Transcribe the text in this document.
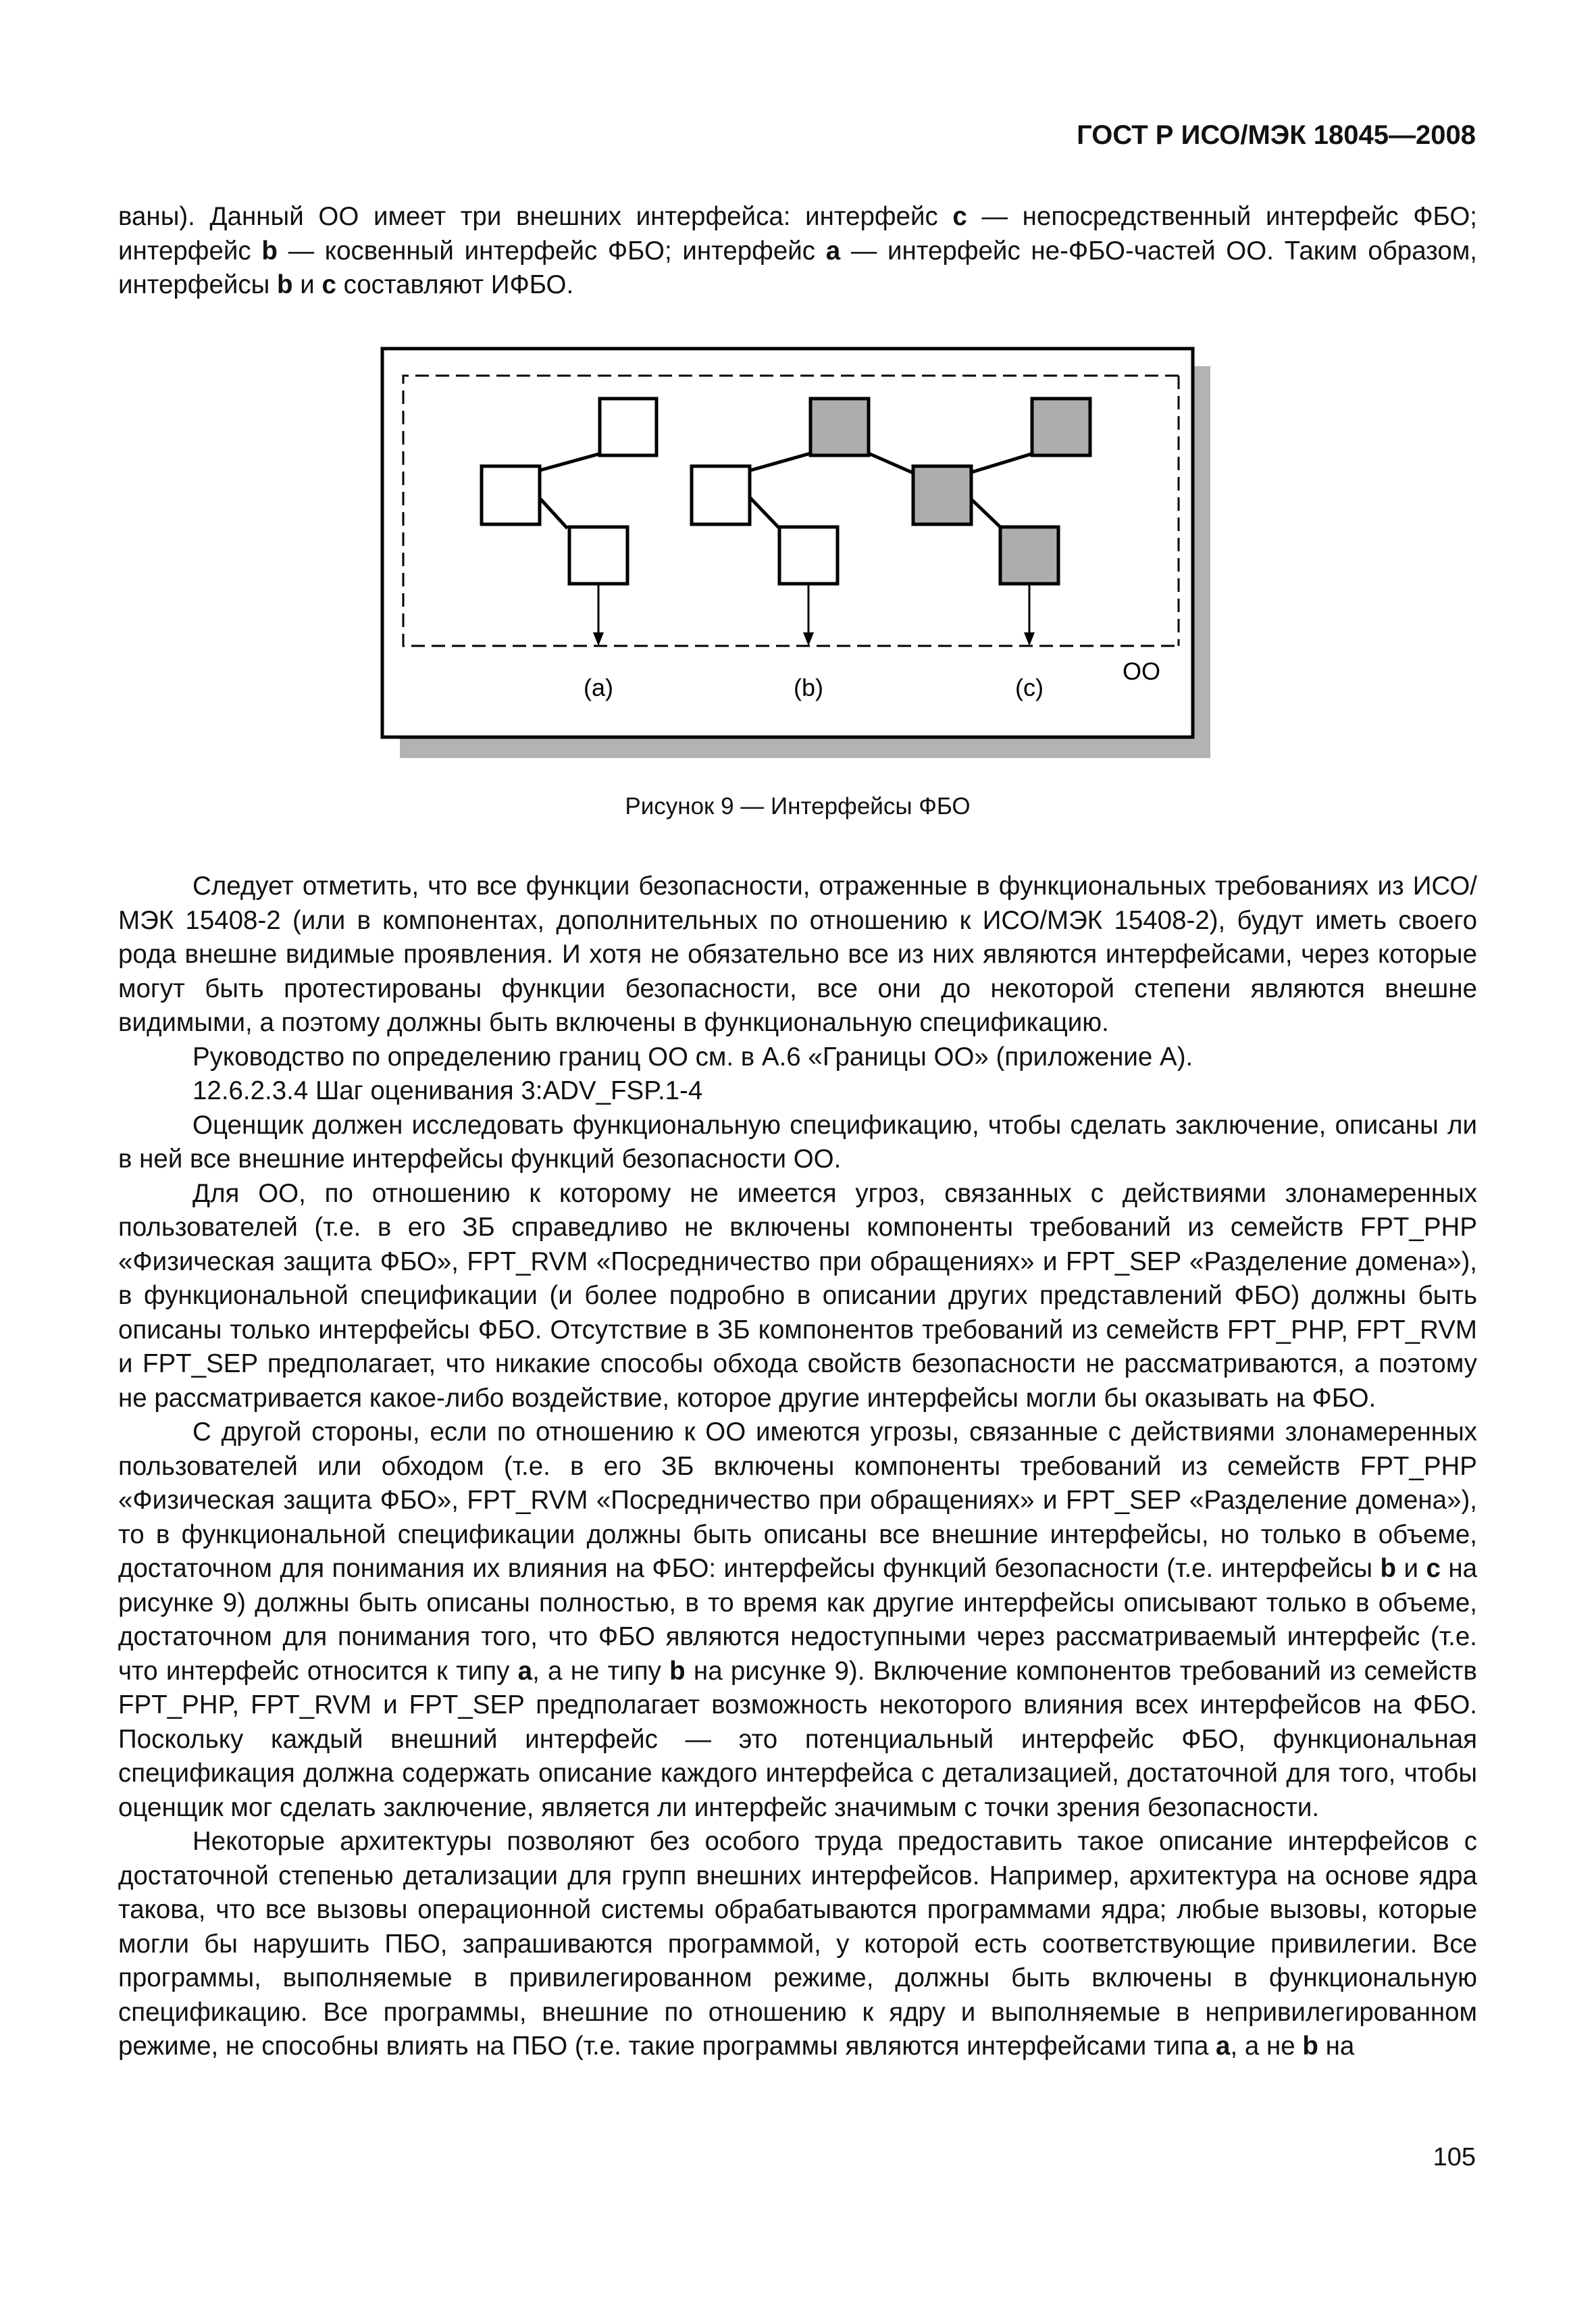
ГОСТ Р ИСО/МЭК 18045—2008

ваны). Данный ОО имеет три внешних интерфейса: интерфейс c — непосредственный интерфейс ФБО; интерфейс b — косвенный интерфейс ФБО; интерфейс a — интерфейс не-ФБО-частей ОО. Таким образом, интерфейсы b и c составляют ИФБО.

(a)	(b)	(c)
ОО
Рисунок 9 — Интерфейсы ФБО

Следует отметить, что все функции безопасности, отраженные в функциональных требованиях из ИСО/МЭК 15408-2 (или в компонентах, дополнительных по отношению к ИСО/МЭК 15408-2), будут иметь своего рода внешне видимые проявления. И хотя не обязательно все из них являются интерфейсами, через которые могут быть протестированы функции безопасности, все они до некоторой степени являются внешне видимыми, а поэтому должны быть включены в функциональную спецификацию.

Руководство по определению границ ОО см. в А.6 «Границы ОО» (приложение А).

12.6.2.3.4 Шаг оценивания 3:ADV_FSP.1-4

Оценщик должен исследовать функциональную спецификацию, чтобы сделать заключение, описаны ли в ней все внешние интерфейсы функций безопасности ОО.

Для ОО, по отношению к которому не имеется угроз, связанных с действиями злонамеренных пользователей (т.е. в его ЗБ справедливо не включены компоненты требований из семейств FPT_PHP «Физическая защита ФБО», FPT_RVM «Посредничество при обращениях» и FPT_SEP «Разделение домена»), в функциональной спецификации (и более подробно в описании других представлений ФБО) должны быть описаны только интерфейсы ФБО. Отсутствие в ЗБ компонентов требований из семейств FPT_PHP, FPT_RVM и FPT_SEP предполагает, что никакие способы обхода свойств безопасности не рассматриваются, а поэтому не рассматривается какое-либо воздействие, которое другие интерфейсы могли бы оказывать на ФБО.

С другой стороны, если по отношению к ОО имеются угрозы, связанные с действиями злонамеренных пользователей или обходом (т.е. в его ЗБ включены компоненты требований из семейств FPT_PHP «Физическая защита ФБО», FPT_RVM «Посредничество при обращениях» и FPT_SEP «Разделение домена»), то в функциональной спецификации должны быть описаны все внешние интерфейсы, но только в объеме, достаточном для понимания их влияния на ФБО: интерфейсы функций безопасности (т.е. интерфейсы b и c на рисунке 9) должны быть описаны полностью, в то время как другие интерфейсы описывают только в объеме, достаточном для понимания того, что ФБО являются недоступными через рассматриваемый интерфейс (т.е. что интерфейс относится к типу a, а не типу b на рисунке 9). Включение компонентов требований из семейств FPT_PHP, FPT_RVM и FPT_SEP предполагает возможность некоторого влияния всех интерфейсов на ФБО. Поскольку каждый внешний интерфейс — это потенциальный интерфейс ФБО, функциональная спецификация должна содержать описание каждого интерфейса с детализацией, достаточной для того, чтобы оценщик мог сделать заключение, является ли интерфейс значимым с точки зрения безопасности.

Некоторые архитектуры позволяют без особого труда предоставить такое описание интерфейсов с достаточной степенью детализации для групп внешних интерфейсов. Например, архитектура на основе ядра такова, что все вызовы операционной системы обрабатываются программами ядра; любые вызовы, которые могли бы нарушить ПБО, запрашиваются программой, у которой есть соответствующие привилегии. Все программы, выполняемые в привилегированном режиме, должны быть включены в функциональную спецификацию. Все программы, внешние по отношению к ядру и выполняемые в непривилегированном режиме, не способны влиять на ПБО (т.е. такие программы являются интерфейсами типа a, а не b на

105
